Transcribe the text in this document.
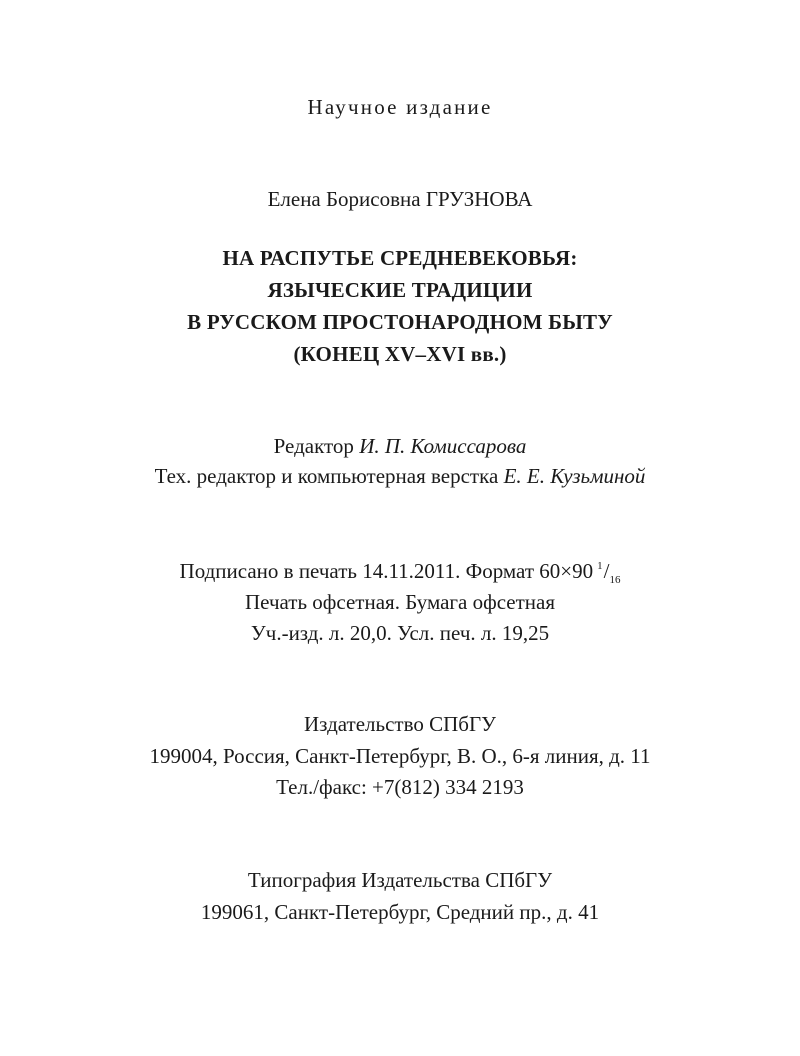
Научное издание
Елена Борисовна ГРУЗНОВА
НА РАСПУТЬЕ СРЕДНЕВЕКОВЬЯ:
ЯЗЫЧЕСКИЕ ТРАДИЦИИ
В РУССКОМ ПРОСТОНАРОДНОМ БЫТУ
(КОНЕЦ XV–XVI вв.)
Редактор И. П. Комиссарова
Тех. редактор и компьютерная верстка Е. Е. Кузьминой
Подписано в печать 14.11.2011. Формат 60×90 $^1/_{16}$
Печать офсетная. Бумага офсетная
Уч.-изд. л. 20,0. Усл. печ. л. 19,25
Издательство СПбГУ
199004, Россия, Санкт-Петербург, В. О., 6-я линия, д. 11
Тел./факс: +7(812) 334 2193
Типография Издательства СПбГУ
199061, Санкт-Петербург, Средний пр., д. 41
